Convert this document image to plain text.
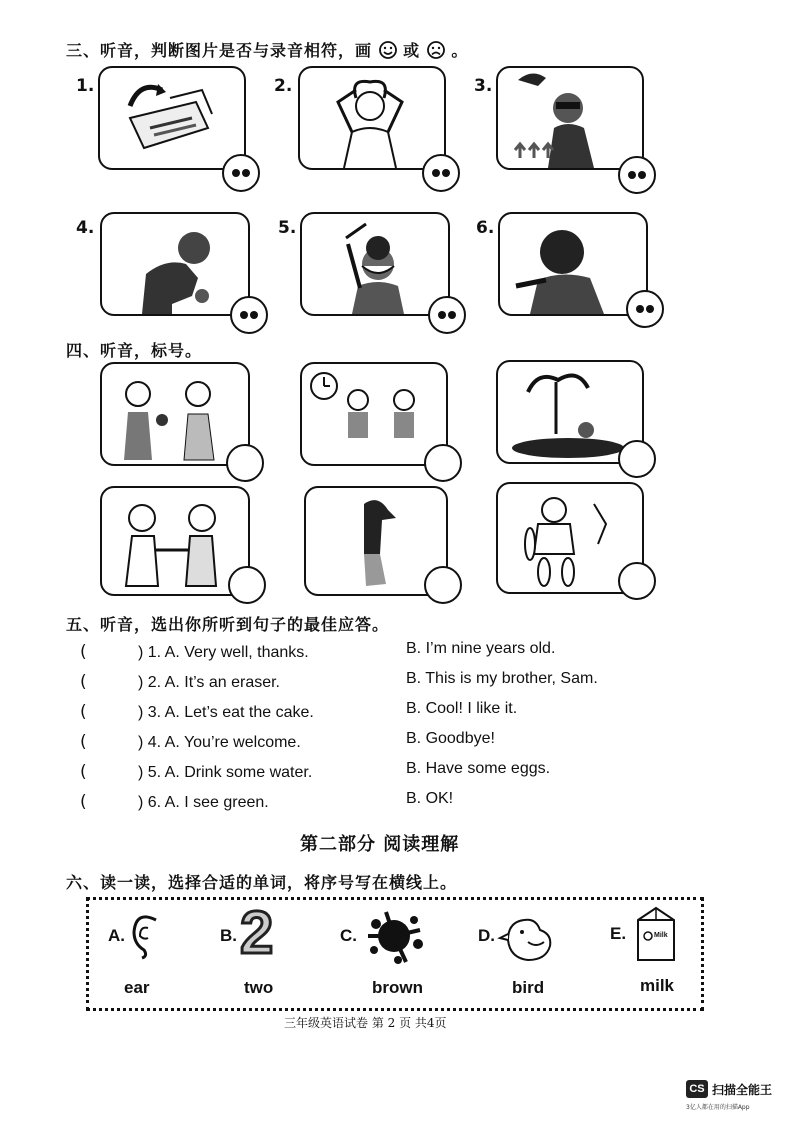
三、听音，判断图片是否与录音相符，画 或 。
1.	2.	3.
4.	5.	6.
四、听音，标号。
五、听音，选出你所听到句子的最佳应答。
(	) 1. A. Very well, thanks.	B. I’m nine years old.
(	) 2. A. It’s an eraser.	B. This is my brother, Sam.
(	) 3. A. Let’s eat the cake.	B. Cool! I like it.
(	) 4. A. You’re welcome.	B. Goodbye!
(	) 5. A. Drink some water.	B. Have some eggs.
(	) 6. A. I see green.	B. OK!
第二部分 阅读理解
六、读一读，选择合适的单词，将序号写在横线上。
A.
ear
B. 2
two
C.
brown
D.
bird
E.	Milk
milk
三年级英语试卷 第 2 页 共4页
CS 扫描全能王
3亿人都在用的扫描App
